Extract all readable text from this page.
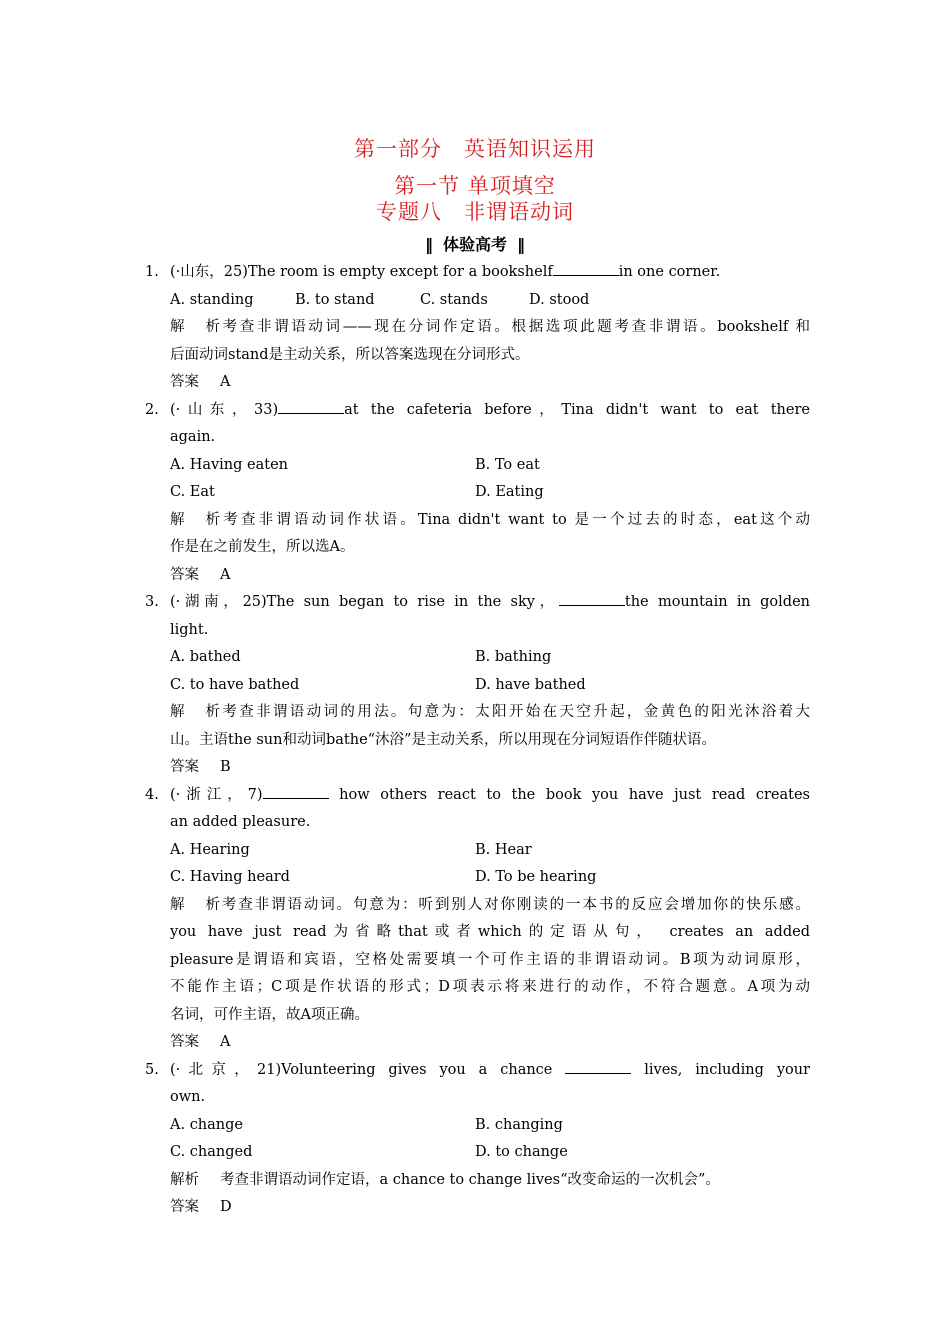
第一部分　英语知识运用
第一节 单项填空
专题八　非谓语动词
‖ 体验高考 ‖
1. (·山东，25)The room is empty except for a bookshelf	in one corner.
A. standing	B. to stand	C. stands	D. stood
解析考查非谓语动词——现在分词作定语。根据选项此题考查非谓语。bookshelf 和
后面动词stand是主动关系，所以答案选现在分词形式。
答案 A
2. (·山东，33)	at the cafeteria before，Tina didn't want to eat there
again.
A. Having eaten	B. To eat
C. Eat	D. Eating
解析考查非谓语动词作状语。Tina didn't want to 是一个过去的时态，eat这个动
作是在之前发生，所以选A。
答案 A
3. (·湖南，25)The sun began to rise in the sky，	the mountain in golden
light.
A. bathed	B. bathing
C. to have bathed	D. have bathed
解析考查非谓语动词的用法。句意为：太阳开始在天空升起，金黄色的阳光沐浴着大
山。主语the sun和动词bathe“沐浴”是主动关系，所以用现在分词短语作伴随状语。
答案 B
4. (·浙江，7)	how others react to the book you have just read creates
an added pleasure.
A. Hearing	B. Hear
C. Having heard	D. To be hearing
解析考查非谓语动词。句意为：听到别人对你刚读的一本书的反应会增加你的快乐感。
you have just read为省略that或者which的定语从句， creates an added
pleasure是谓语和宾语，空格处需要填一个可作主语的非谓语动词。B项为动词原形，
不能作主语；C项是作状语的形式；D项表示将来进行的动作，不符合题意。A项为动
名词，可作主语，故A项正确。
答案 A
5. (·北京，21)Volunteering gives you a chance	lives, including your
own.
A. change	B. changing
C. changed	D. to change
解析 考查非谓语动词作定语，a chance to change lives“改变命运的一次机会”。
答案 D
